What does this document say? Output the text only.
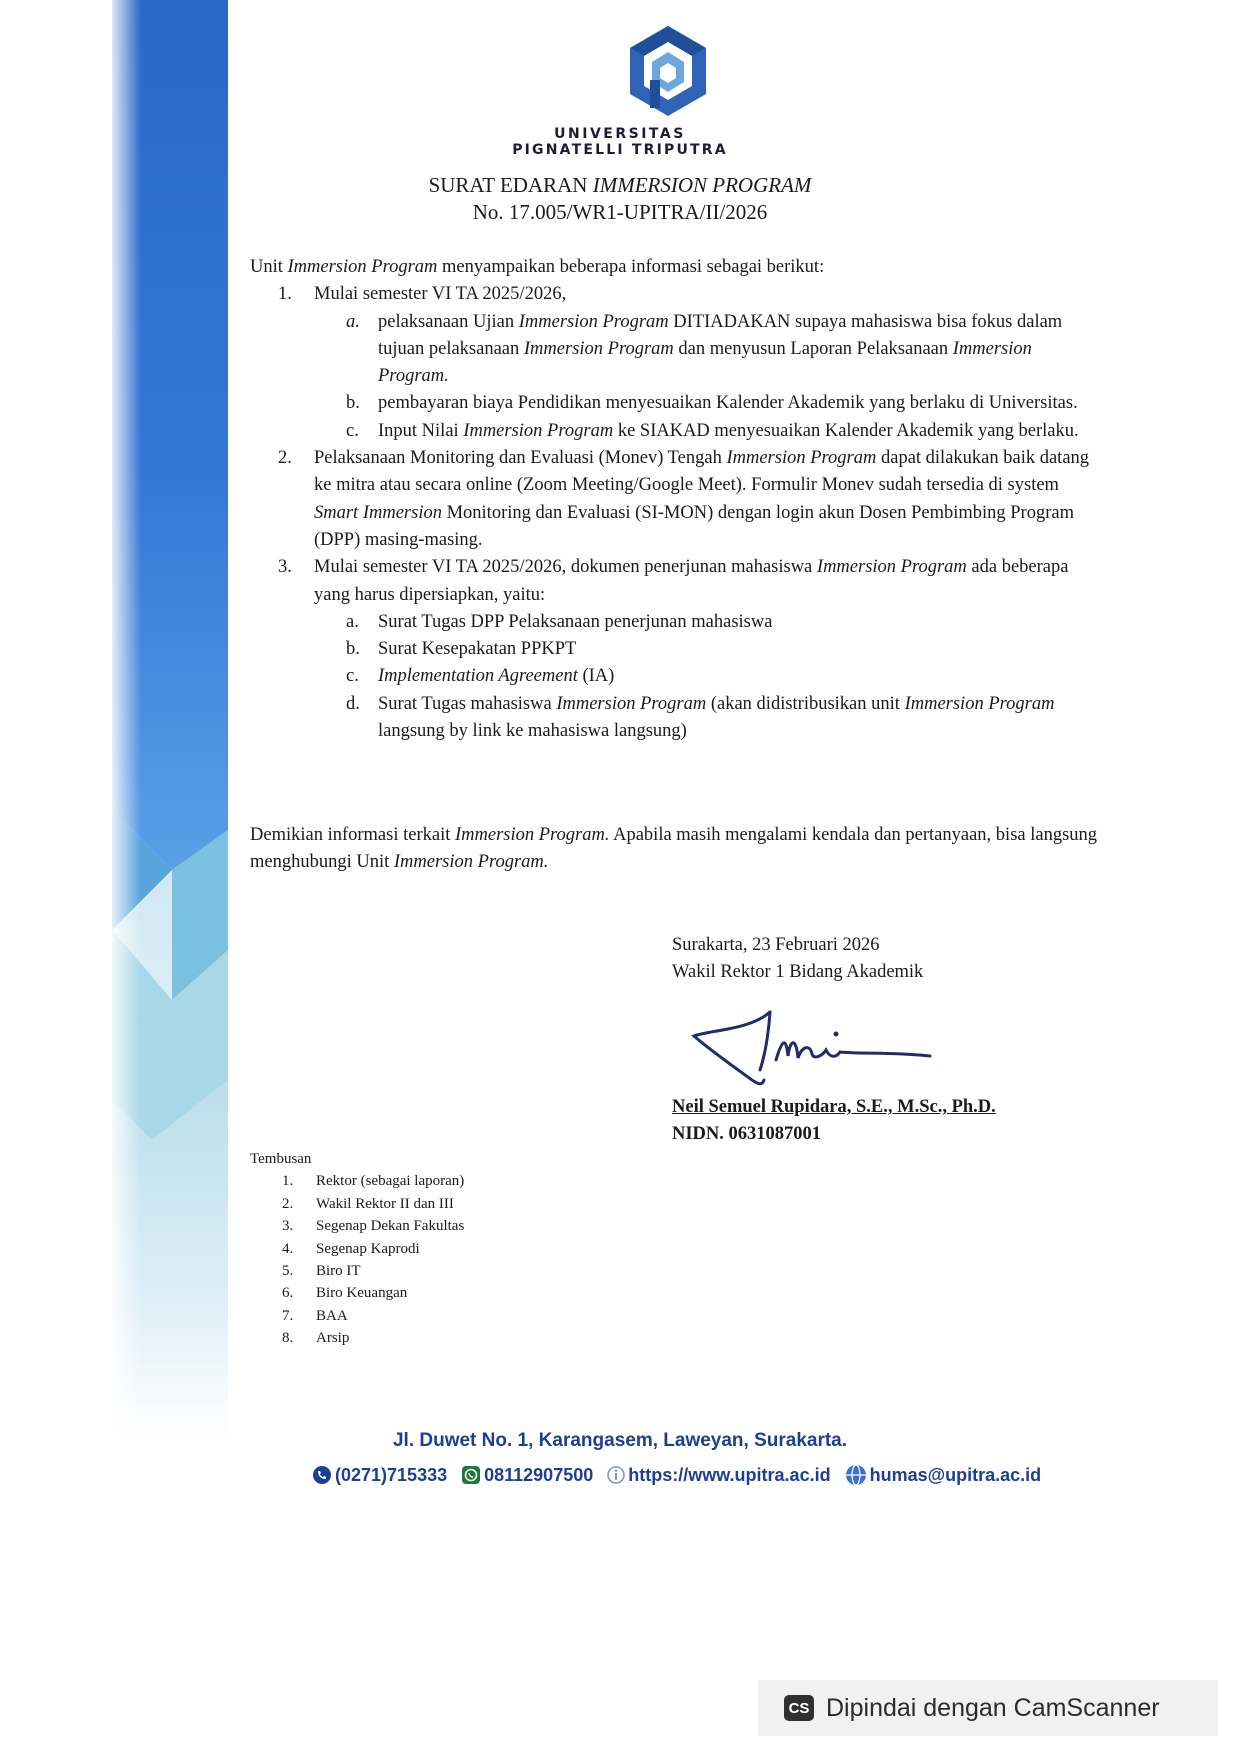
UNIVERSITAS
PIGNATELLI TRIPUTRA
SURAT EDARAN IMMERSION PROGRAM
No. 17.005/WR1-UPITRA/II/2026

Unit Immersion Program menyampaikan beberapa informasi sebagai berikut:

1. Mulai semester VI TA 2025/2026,
a. pelaksanaan Ujian Immersion Program DITIADAKAN supaya mahasiswa bisa fokus dalam tujuan pelaksanaan Immersion Program dan menyusun Laporan Pelaksanaan Immersion Program.
b. pembayaran biaya Pendidikan menyesuaikan Kalender Akademik yang berlaku di Universitas.
c. Input Nilai Immersion Program ke SIAKAD menyesuaikan Kalender Akademik yang berlaku.
2. Pelaksanaan Monitoring dan Evaluasi (Monev) Tengah Immersion Program dapat dilakukan baik datang ke mitra atau secara online (Zoom Meeting/Google Meet). Formulir Monev sudah tersedia di system Smart Immersion Monitoring dan Evaluasi (SI-MON) dengan login akun Dosen Pembimbing Program (DPP) masing-masing.
3. Mulai semester VI TA 2025/2026, dokumen penerjunan mahasiswa Immersion Program ada beberapa yang harus dipersiapkan, yaitu:
a. Surat Tugas DPP Pelaksanaan penerjunan mahasiswa
b. Surat Kesepakatan PPKPT
c. Implementation Agreement (IA)
d. Surat Tugas mahasiswa Immersion Program (akan didistribusikan unit Immersion Program langsung by link ke mahasiswa langsung)
Demikian informasi terkait Immersion Program. Apabila masih mengalami kendala dan pertanyaan, bisa langsung menghubungi Unit Immersion Program.
Surakarta, 23 Februari 2026
Wakil Rektor 1 Bidang Akademik
Neil Semuel Rupidara, S.E., M.Sc., Ph.D.
NIDN. 0631087001
Tembusan
1. Rektor (sebagai laporan)
2. Wakil Rektor II dan III
3. Segenap Dekan Fakultas
4. Segenap Kaprodi
5. Biro IT
6. Biro Keuangan
7. BAA
8. Arsip
Jl. Duwet No. 1, Karangasem, Laweyan, Surakarta.
(0271)715333 08112907500 https://www.upitra.ac.id humas@upitra.ac.id
CS Dipindai dengan CamScanner
